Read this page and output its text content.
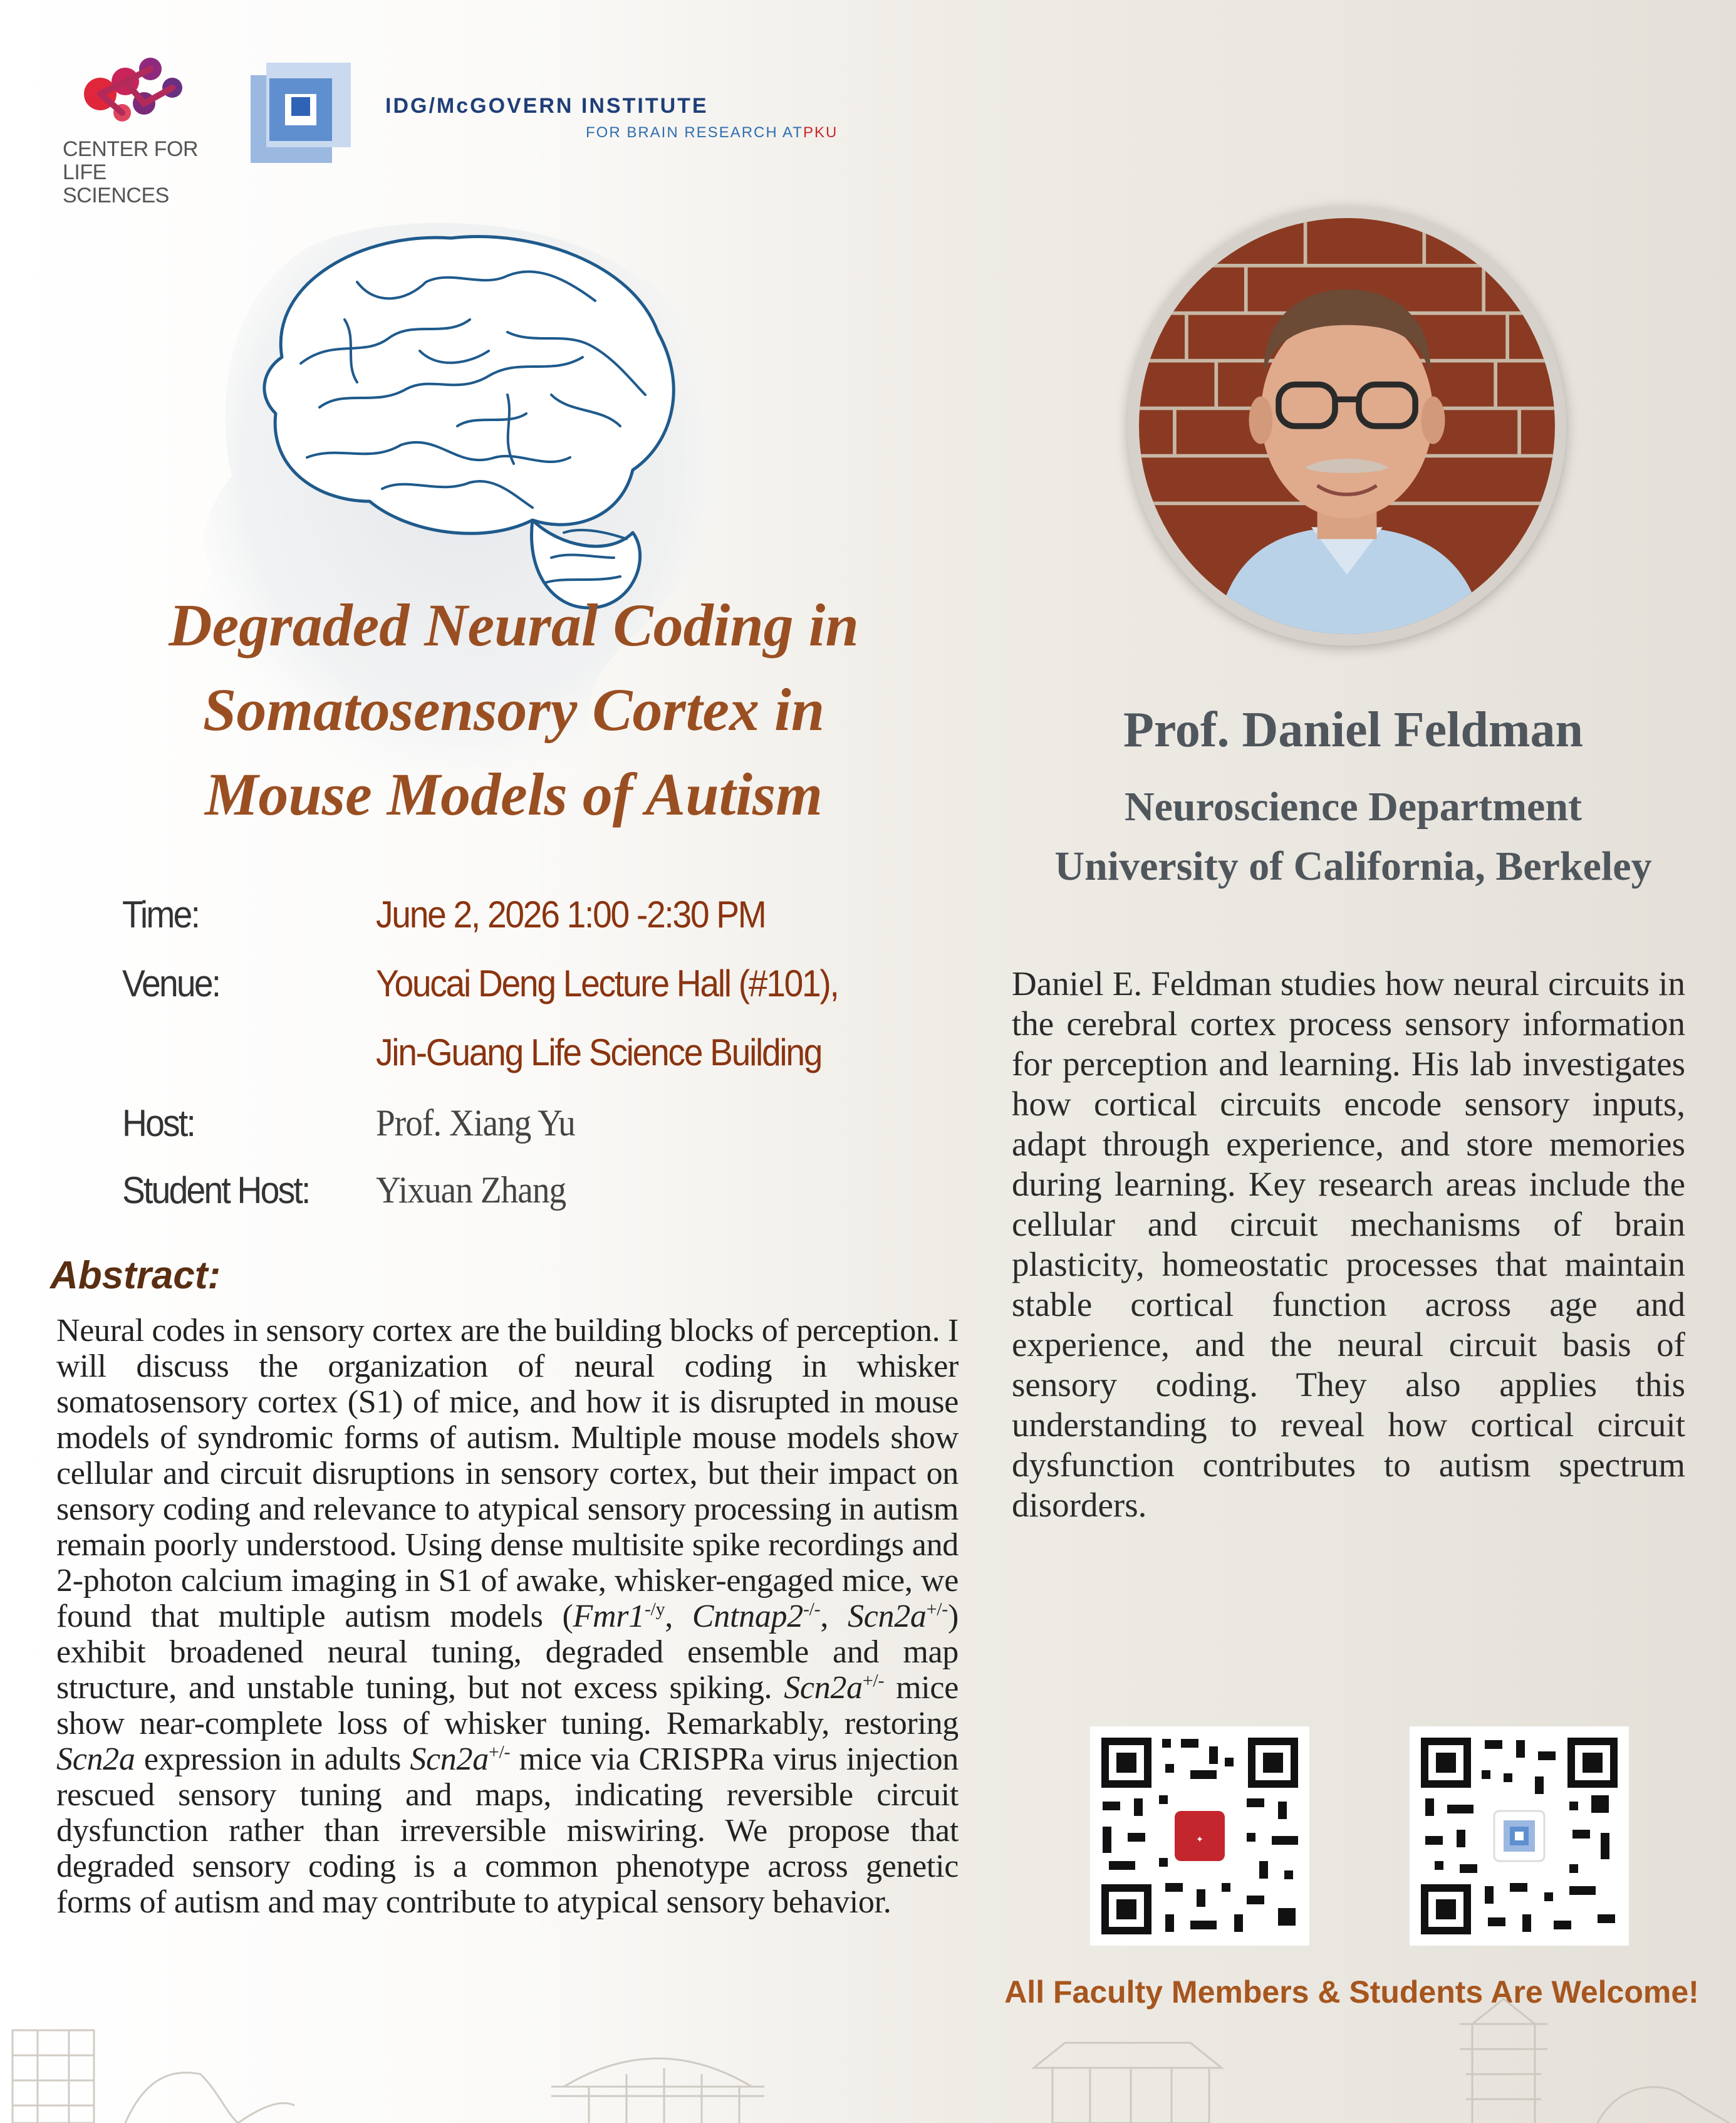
CENTER FOR
LIFE SCIENCES
IDG/McGOVERN INSTITUTE
FOR BRAIN RESEARCH ATPKU
Degraded Neural Coding in
Somatosensory Cortex in
Mouse Models of Autism
Time:	June 2, 2026 1:00 -2:30 PM
Venue:	Youcai Deng Lecture Hall (#101),
Jin-Guang Life Science Building
Host:	Prof. Xiang Yu
Student Host: Yixuan Zhang
Abstract:
Neural codes in sensory cortex are the building blocks of perception. I will discuss the organization of neural coding in whisker somatosensory cortex (S1) of mice, and how it is disrupted in mouse models of syndromic forms of autism. Multiple mouse models show cellular and circuit disruptions in sensory cortex, but their impact on sensory coding and relevance to atypical sensory processing in autism remain poorly understood. Using dense multisite spike recordings and 2-photon calcium imaging in S1 of awake, whisker-engaged mice, we found that multiple autism models ($Fmr1^{-/y}$, Cntnap2-/-, Scn2a+/-) exhibit broadened neural tuning, degraded ensemble and map structure, and unstable tuning, but not excess spiking. Scn2a+/- mice show near-complete loss of whisker tuning. Remarkably, restoring Scn2a expression in adults Scn2a+/- mice via CRISPRa virus injection rescued sensory tuning and maps, indicating reversible circuit dysfunction rather than irreversible miswiring. We propose that degraded sensory coding is a common phenotype across genetic forms of autism and may contribute to atypical sensory behavior.
Prof. Daniel Feldman
Neuroscience Department
University of California, Berkeley
Daniel E. Feldman studies how neural circuits in the cerebral cortex process sensory information for perception and learning. His lab investigates how cortical circuits encode sensory inputs, adapt through experience, and store memories during learning. Key research areas include the cellular and circuit mechanisms of brain plasticity, homeostatic processes that maintain stable cortical function across age and experience, and the neural circuit basis of sensory coding. They also applies this understanding to reveal how cortical circuit dysfunction contributes to autism spectrum disorders.
✦
All Faculty Members & Students Are Welcome!
